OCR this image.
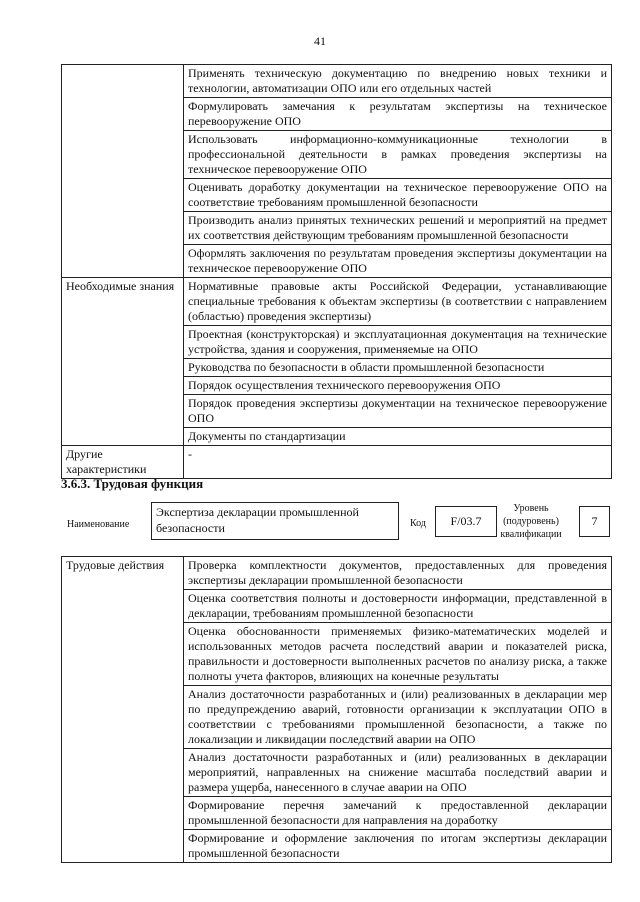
41
	Применять техническую документацию по внедрению новых техники и технологии, автоматизации ОПО или его отдельных частей
	Формулировать замечания к результатам экспертизы на техническое перевооружение ОПО
	Использовать информационно-коммуникационные технологии в профессиональной деятельности в рамках проведения экспертизы на техническое перевооружение ОПО
	Оценивать доработку документации на техническое перевооружение ОПО на соответствие требованиям промышленной безопасности
	Производить анализ принятых технических решений и мероприятий на предмет их соответствия действующим требованиям промышленной безопасности
	Оформлять заключения по результатам проведения экспертизы документации на техническое перевооружение ОПО
Необходимые знания	Нормативные правовые акты Российской Федерации, устанавливающие специальные требования к объектам экспертизы (в соответствии с направлением (областью) проведения экспертизы)
	Проектная (конструкторская) и эксплуатационная документация на технические устройства, здания и сооружения, применяемые на ОПО
	Руководства по безопасности в области промышленной безопасности
	Порядок осуществления технического перевооружения ОПО
	Порядок проведения экспертизы документации на техническое перевооружение ОПО
	Документы по стандартизации
Другие характеристики	-
3.6.3. Трудовая функция
Наименование
Экспертиза декларации промышленной безопасности	Код	F/03.7
Уровень (подуровень) квалификации
7
Трудовые действия	Проверка комплектности документов, предоставленных для проведения экспертизы декларации промышленной безопасности
Оценка соответствия полноты и достоверности информации, представленной в декларации, требованиям промышленной безопасности
Оценка обоснованности применяемых физико-математических моделей и использованных методов расчета последствий аварии и показателей риска, правильности и достоверности выполненных расчетов по анализу риска, а также полноты учета факторов, влияющих на конечные результаты
Анализ достаточности разработанных и (или) реализованных в декларации мер по предупреждению аварий, готовности организации к эксплуатации ОПО в соответствии с требованиями промышленной безопасности, а также по локализации и ликвидации последствий аварии на ОПО
Анализ достаточности разработанных и (или) реализованных в декларации мероприятий, направленных на снижение масштаба последствий аварии и размера ущерба, нанесенного в случае аварии на ОПО
Формирование перечня замечаний к предоставленной декларации промышленной безопасности для направления на доработку
Формирование и оформление заключения по итогам экспертизы декларации промышленной безопасности
